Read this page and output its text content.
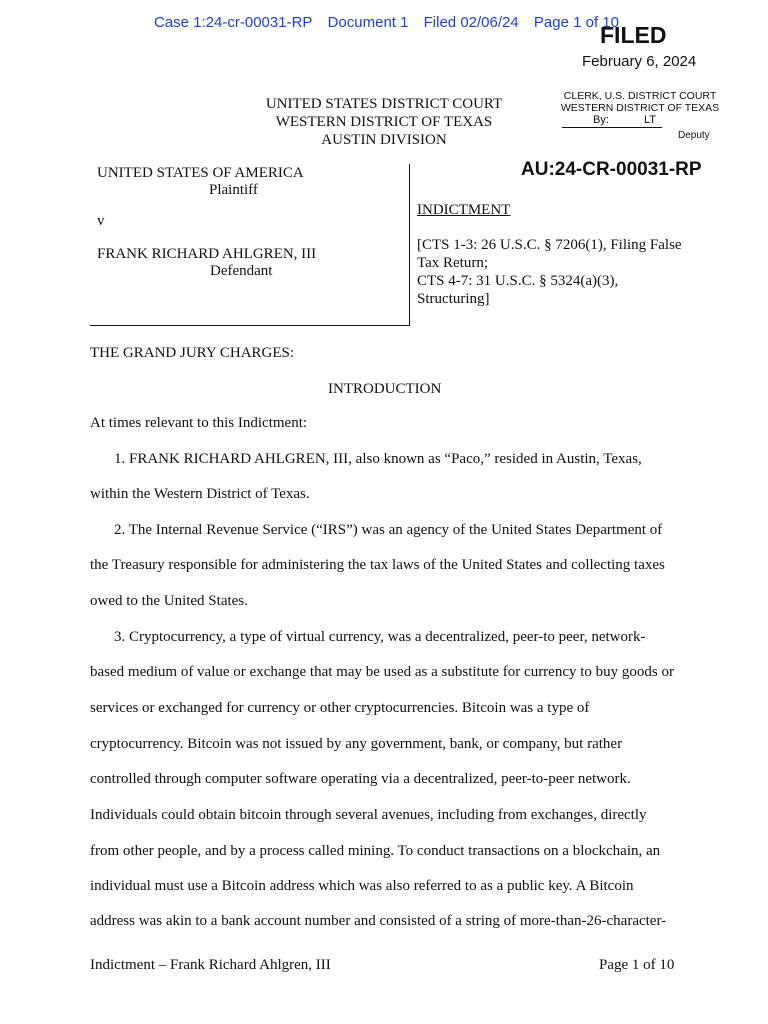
Case 1:24-cr-00031-RP Document 1 Filed 02/06/24 Page 1 of 10
FILED
February 6, 2024
CLERK, U.S. DISTRICT COURT
WESTERN DISTRICT OF TEXAS
By:	LT
Deputy
UNITED STATES DISTRICT COURT
WESTERN DISTRICT OF TEXAS
AUSTIN DIVISION
AU:24-CR-00031-RP
UNITED STATES OF AMERICA
Plaintiff
v
FRANK RICHARD AHLGREN, III
Defendant
INDICTMENT
[CTS 1-3: 26 U.S.C. § 7206(1), Filing False
Tax Return;
CTS 4-7: 31 U.S.C. § 5324(a)(3),
Structuring]
THE GRAND JURY CHARGES:
INTRODUCTION
At times relevant to this Indictment:
1. FRANK RICHARD AHLGREN, III, also known as “Paco,” resided in Austin, Texas,
within the Western District of Texas.
2. The Internal Revenue Service (“IRS”) was an agency of the United States Department of
the Treasury responsible for administering the tax laws of the United States and collecting taxes
owed to the United States.
3. Cryptocurrency, a type of virtual currency, was a decentralized, peer-to peer, network-
based medium of value or exchange that may be used as a substitute for currency to buy goods or
services or exchanged for currency or other cryptocurrencies. Bitcoin was a type of
cryptocurrency. Bitcoin was not issued by any government, bank, or company, but rather
controlled through computer software operating via a decentralized, peer-to-peer network.
Individuals could obtain bitcoin through several avenues, including from exchanges, directly
from other people, and by a process called mining. To conduct transactions on a blockchain, an
individual must use a Bitcoin address which was also referred to as a public key. A Bitcoin
address was akin to a bank account number and consisted of a string of more-than-26-character-
Indictment – Frank Richard Ahlgren, III	Page 1 of 10
